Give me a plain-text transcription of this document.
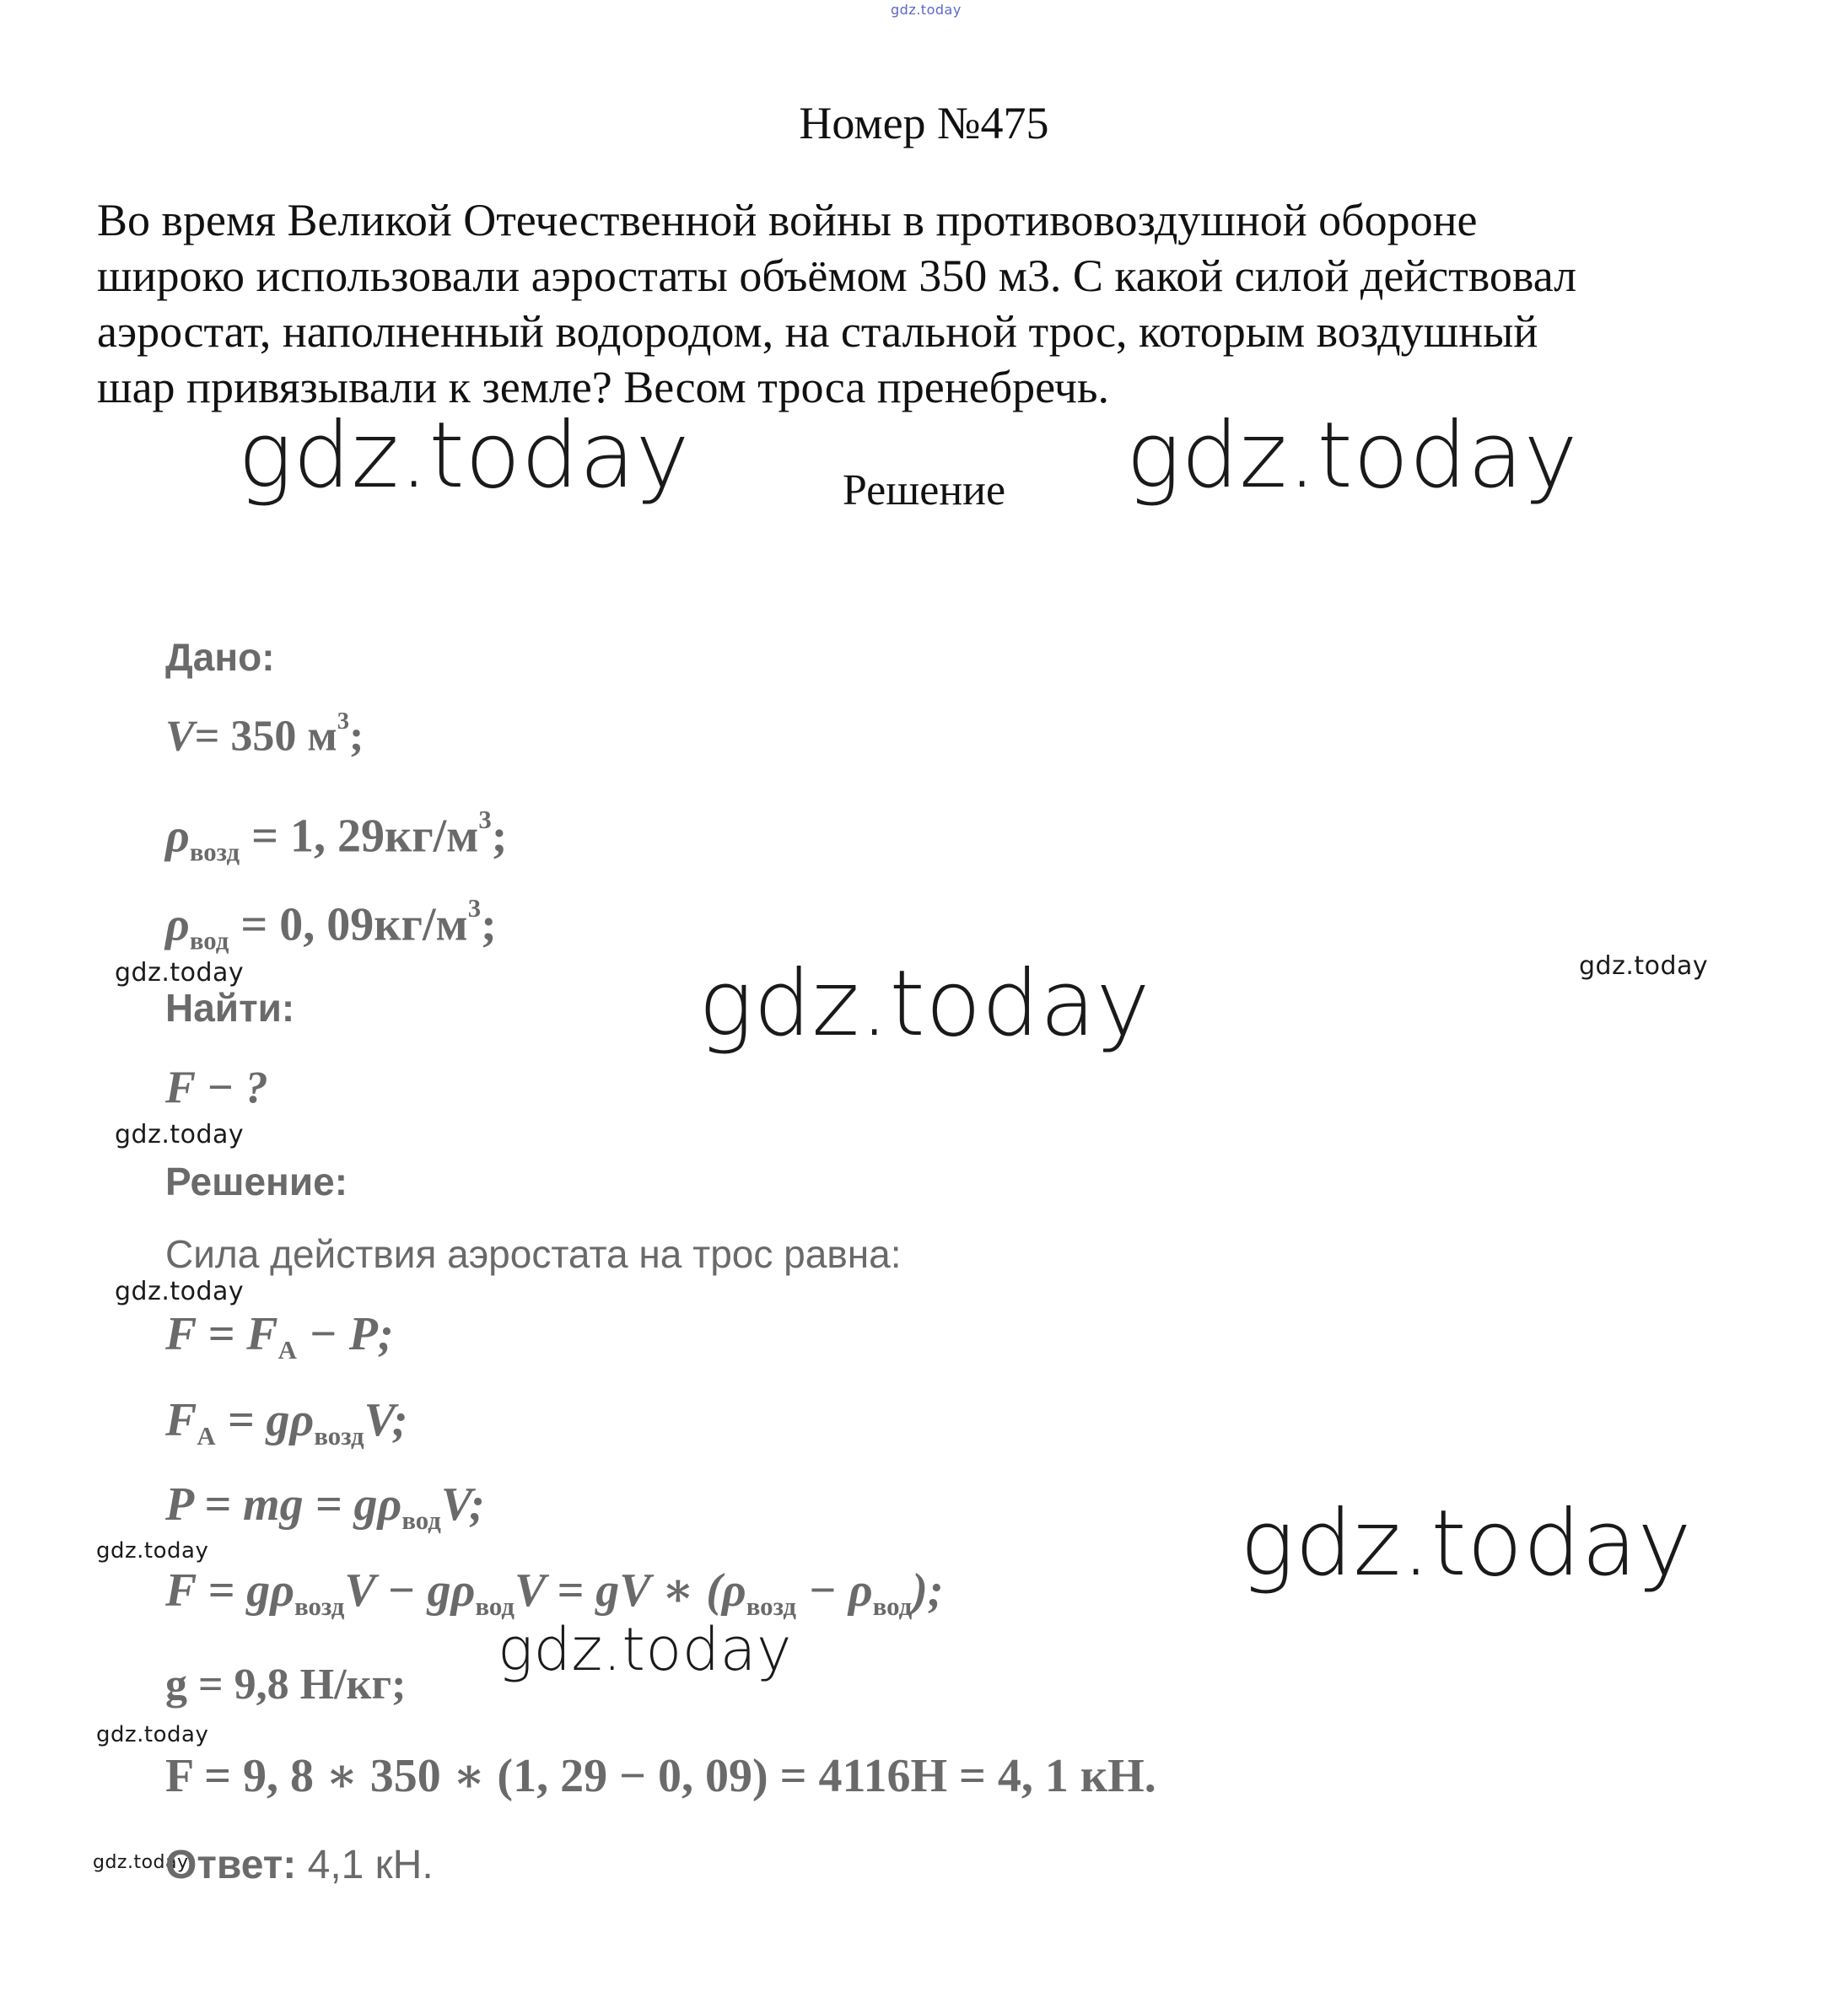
gdz.today
Номер №475
Во время Великой Отечественной войны в противовоздушной обороне
широко использовали аэростаты объёмом 350 м3. С какой силой действовал
аэростат, наполненный водородом, на стальной трос, которым воздушный
шар привязывали к земле? Весом троса пренебречь.
gdz.today	gdz.today
Решение
Дано:
V= 350 $м^3$;
$\rho_{возд} = 1$, $29кг/м^3$;
$\rho_{вод} = 0$, $09кг/м^3$;
gdz.today	gdz.today
Найти:	gdz.today
F − ?
gdz.today
Решение:
Сила действия аэростата на трос равна:
gdz.today
$F = F_A - P$;
$F_A = g\rho_{возд}V$;
P = mg = $g\rho_{вод}V$;
gdz.today	gdz.today
$F = g\rho_{возд}V - g\rho_{вод}V$ = gV ∗ $(\rho_{возд} - \rho_{вод})$;
gdz.today
g = 9,8 Н/кг;
gdz.today
F = 9, 8 ∗ 350 ∗ (1, 29 − 0, 09) = 4116Н = 4, 1 кН.
gdz.today
Ответ: 4,1 кН.
